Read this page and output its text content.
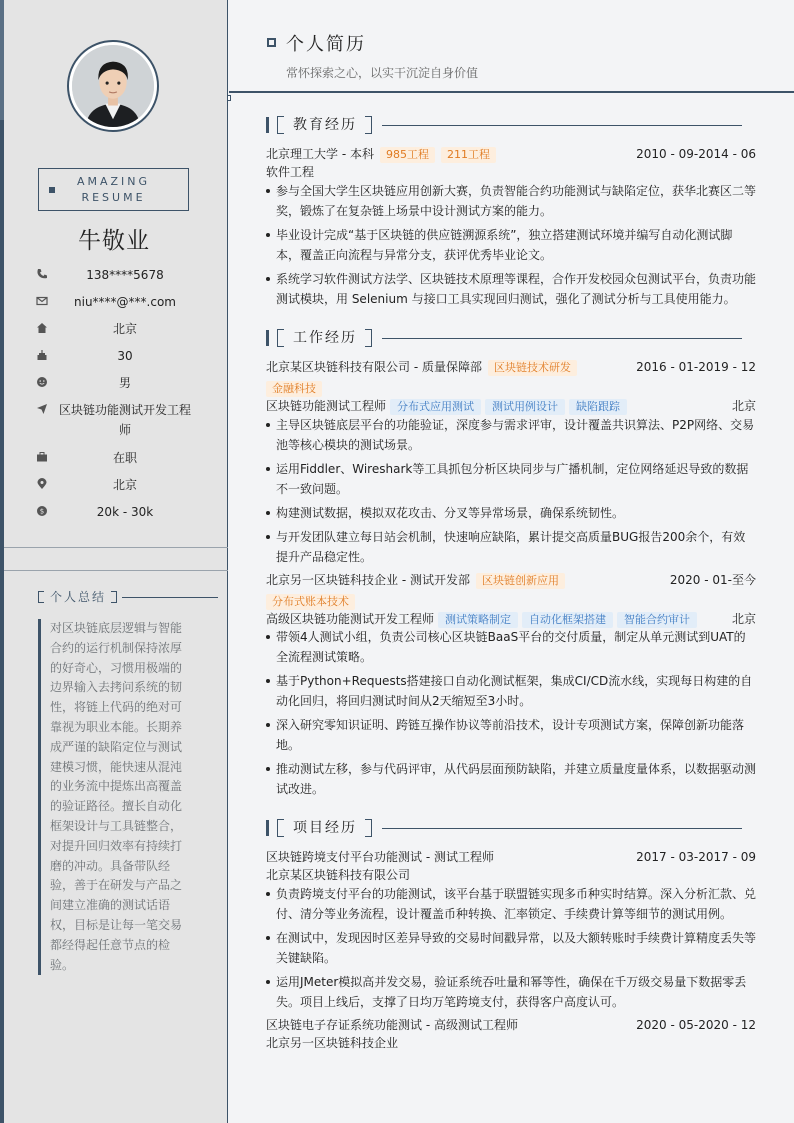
AMAZING
RESUME
牛敬业
138****5678
niu****@***.com
北京
30
男
区块链功能测试开发工程师
在职
北京
$	20k - 30k
个人总结
对区块链底层逻辑与智能合约的运行机制保持浓厚的好奇心，习惯用极端的边界输入去拷问系统的韧性，将链上代码的绝对可靠视为职业本能。长期养成严谨的缺陷定位与测试建模习惯，能快速从混沌的业务流中提炼出高覆盖的验证路径。擅长自动化框架设计与工具链整合，对提升回归效率有持续打磨的冲动。具备带队经验，善于在研发与产品之间建立准确的测试话语权，目标是让每一笔交易都经得起任意节点的检验。
个人简历
常怀探索之心，以实干沉淀自身价值
教育经历
北京理工大学 - 本科 985工程 211工程	2010 - 09-2014 - 06
软件工程
参与全国大学生区块链应用创新大赛，负责智能合约功能测试与缺陷定位，获华北赛区二等奖，锻炼了在复杂链上场景中设计测试方案的能力。
毕业设计完成“基于区块链的供应链溯源系统”，独立搭建测试环境并编写自动化测试脚本，覆盖正向流程与异常分支，获评优秀毕业论文。
系统学习软件测试方法学、区块链技术原理等课程，合作开发校园众包测试平台，负责功能测试模块，用 Selenium 与接口工具实现回归测试，强化了测试分析与工具使用能力。
工作经历
北京某区块链科技有限公司 - 质量保障部 区块链技术研发	2016 - 01-2019 - 12
金融科技
区块链功能测试工程师 分布式应用测试 测试用例设计 缺陷跟踪	北京
主导区块链底层平台的功能验证，深度参与需求评审，设计覆盖共识算法、P2P网络、交易池等核心模块的测试场景。
运用Fiddler、Wireshark等工具抓包分析区块同步与广播机制，定位网络延迟导致的数据不一致问题。
构建测试数据，模拟双花攻击、分叉等异常场景，确保系统韧性。
与开发团队建立每日站会机制，快速响应缺陷，累计提交高质量BUG报告200余个，有效提升产品稳定性。
北京另一区块链科技企业 - 测试开发部 区块链创新应用	2020 - 01-至今
分布式账本技术
高级区块链功能测试开发工程师 测试策略制定 自动化框架搭建 智能合约审计	北京
带领4人测试小组，负责公司核心区块链BaaS平台的交付质量，制定从单元测试到UAT的全流程测试策略。
基于Python+Requests搭建接口自动化测试框架，集成CI/CD流水线，实现每日构建的自动化回归，将回归测试时间从2天缩短至3小时。
深入研究零知识证明、跨链互操作协议等前沿技术，设计专项测试方案，保障创新功能落地。
推动测试左移，参与代码评审，从代码层面预防缺陷，并建立质量度量体系，以数据驱动测试改进。
项目经历
区块链跨境支付平台功能测试 - 测试工程师	2017 - 03-2017 - 09
北京某区块链科技有限公司
负责跨境支付平台的功能测试，该平台基于联盟链实现多币种实时结算。深入分析汇款、兑付、清分等业务流程，设计覆盖币种转换、汇率锁定、手续费计算等细节的测试用例。
在测试中，发现因时区差异导致的交易时间戳异常，以及大额转账时手续费计算精度丢失等关键缺陷。
运用JMeter模拟高并发交易，验证系统吞吐量和幂等性，确保在千万级交易量下数据零丢失。项目上线后，支撑了日均万笔跨境支付，获得客户高度认可。
区块链电子存证系统功能测试 - 高级测试工程师	2020 - 05-2020 - 12
北京另一区块链科技企业
